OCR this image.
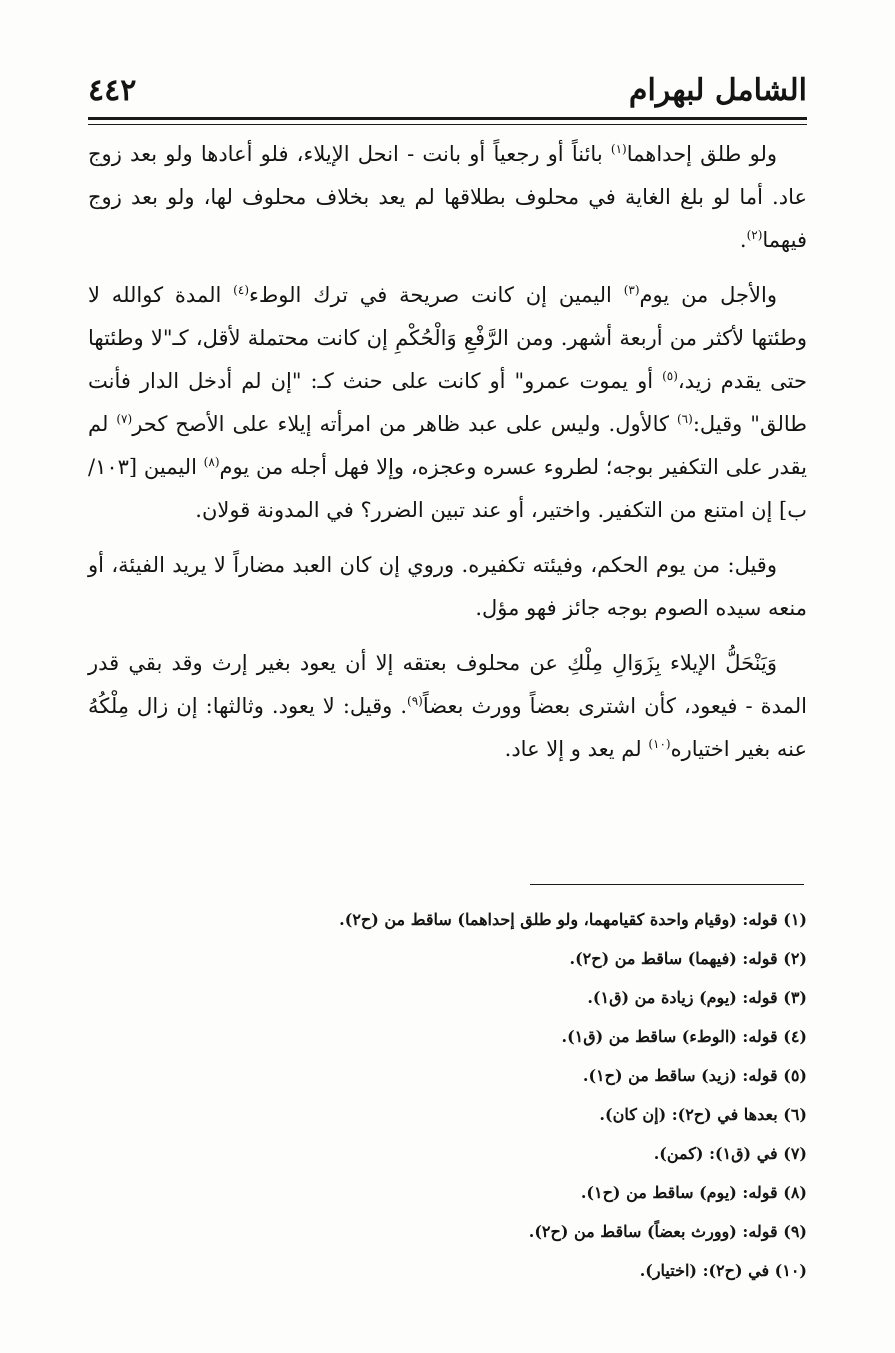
الشامل لبهرام
٤٤٢

ولو طلق إحداهما$^{(١)}$ بائناً أو رجعياً أو بانت - انحل الإيلاء، فلو أعادها ولو بعد زوج عاد. أما لو بلغ الغاية في محلوف بطلاقها لم يعد بخلاف محلوف لها، ولو بعد زوج فيهما$^{(٢)}$.

والأجل من يوم$^{(٣)}$ اليمين إن كانت صريحة في ترك الوطء$^{(٤)}$ المدة كوالله لا وطئتها لأكثر من أربعة أشهر. ومن الرَّفْعِ وَالْحُكْمِ إن كانت محتملة لأقل، كـ"لا وطئتها حتى يقدم زيد،$^{(٥)}$ أو يموت عمرو" أو كانت على حنث كـ: "إن لم أدخل الدار فأنت طالق" وقيل:$^{(٦)}$ كالأول. وليس على عبد ظاهر من امرأته إيلاء على الأصح كحر$^{(٧)}$ لم يقدر على التكفير بوجه؛ لطروء عسره وعجزه، وإلا فهل أجله من يوم$^{(٨)}$ اليمين [١٠٣/ ب] إن امتنع من التكفير. واختير، أو عند تبين الضرر؟ في المدونة قولان.

وقيل: من يوم الحكم، وفيئته تكفيره. وروي إن كان العبد مضاراً لا يريد الفيئة، أو منعه سيده الصوم بوجه جائز فهو مؤل.

وَيَنْحَلُّ الإيلاء بِزَوَالِ مِلْكِ عن محلوف بعتقه إلا أن يعود بغير إرث وقد بقي قدر المدة - فيعود، كأن اشترى بعضاً وورث بعضاً$^{(٩)}$. وقيل: لا يعود. وثالثها: إن زال مِلْكُهُ عنه بغير اختياره$^{(١٠)}$ لم يعد و إلا عاد.

(١) قوله: (وقيام واحدة كقيامهما، ولو طلق إحداهما) ساقط من (ح٢).
(٢) قوله: (فيهما) ساقط من (ح٢).
(٣) قوله: (يوم) زيادة من (ق١).
(٤) قوله: (الوطء) ساقط من (ق١).
(٥) قوله: (زيد) ساقط من (ح١).
(٦) بعدها في (ح٢): (إن كان).
(٧) في (ق١): (كمن).
(٨) قوله: (يوم) ساقط من (ح١).
(٩) قوله: (وورث بعضاً) ساقط من (ح٢).
(١٠) في (ح٢): (اختيار).
